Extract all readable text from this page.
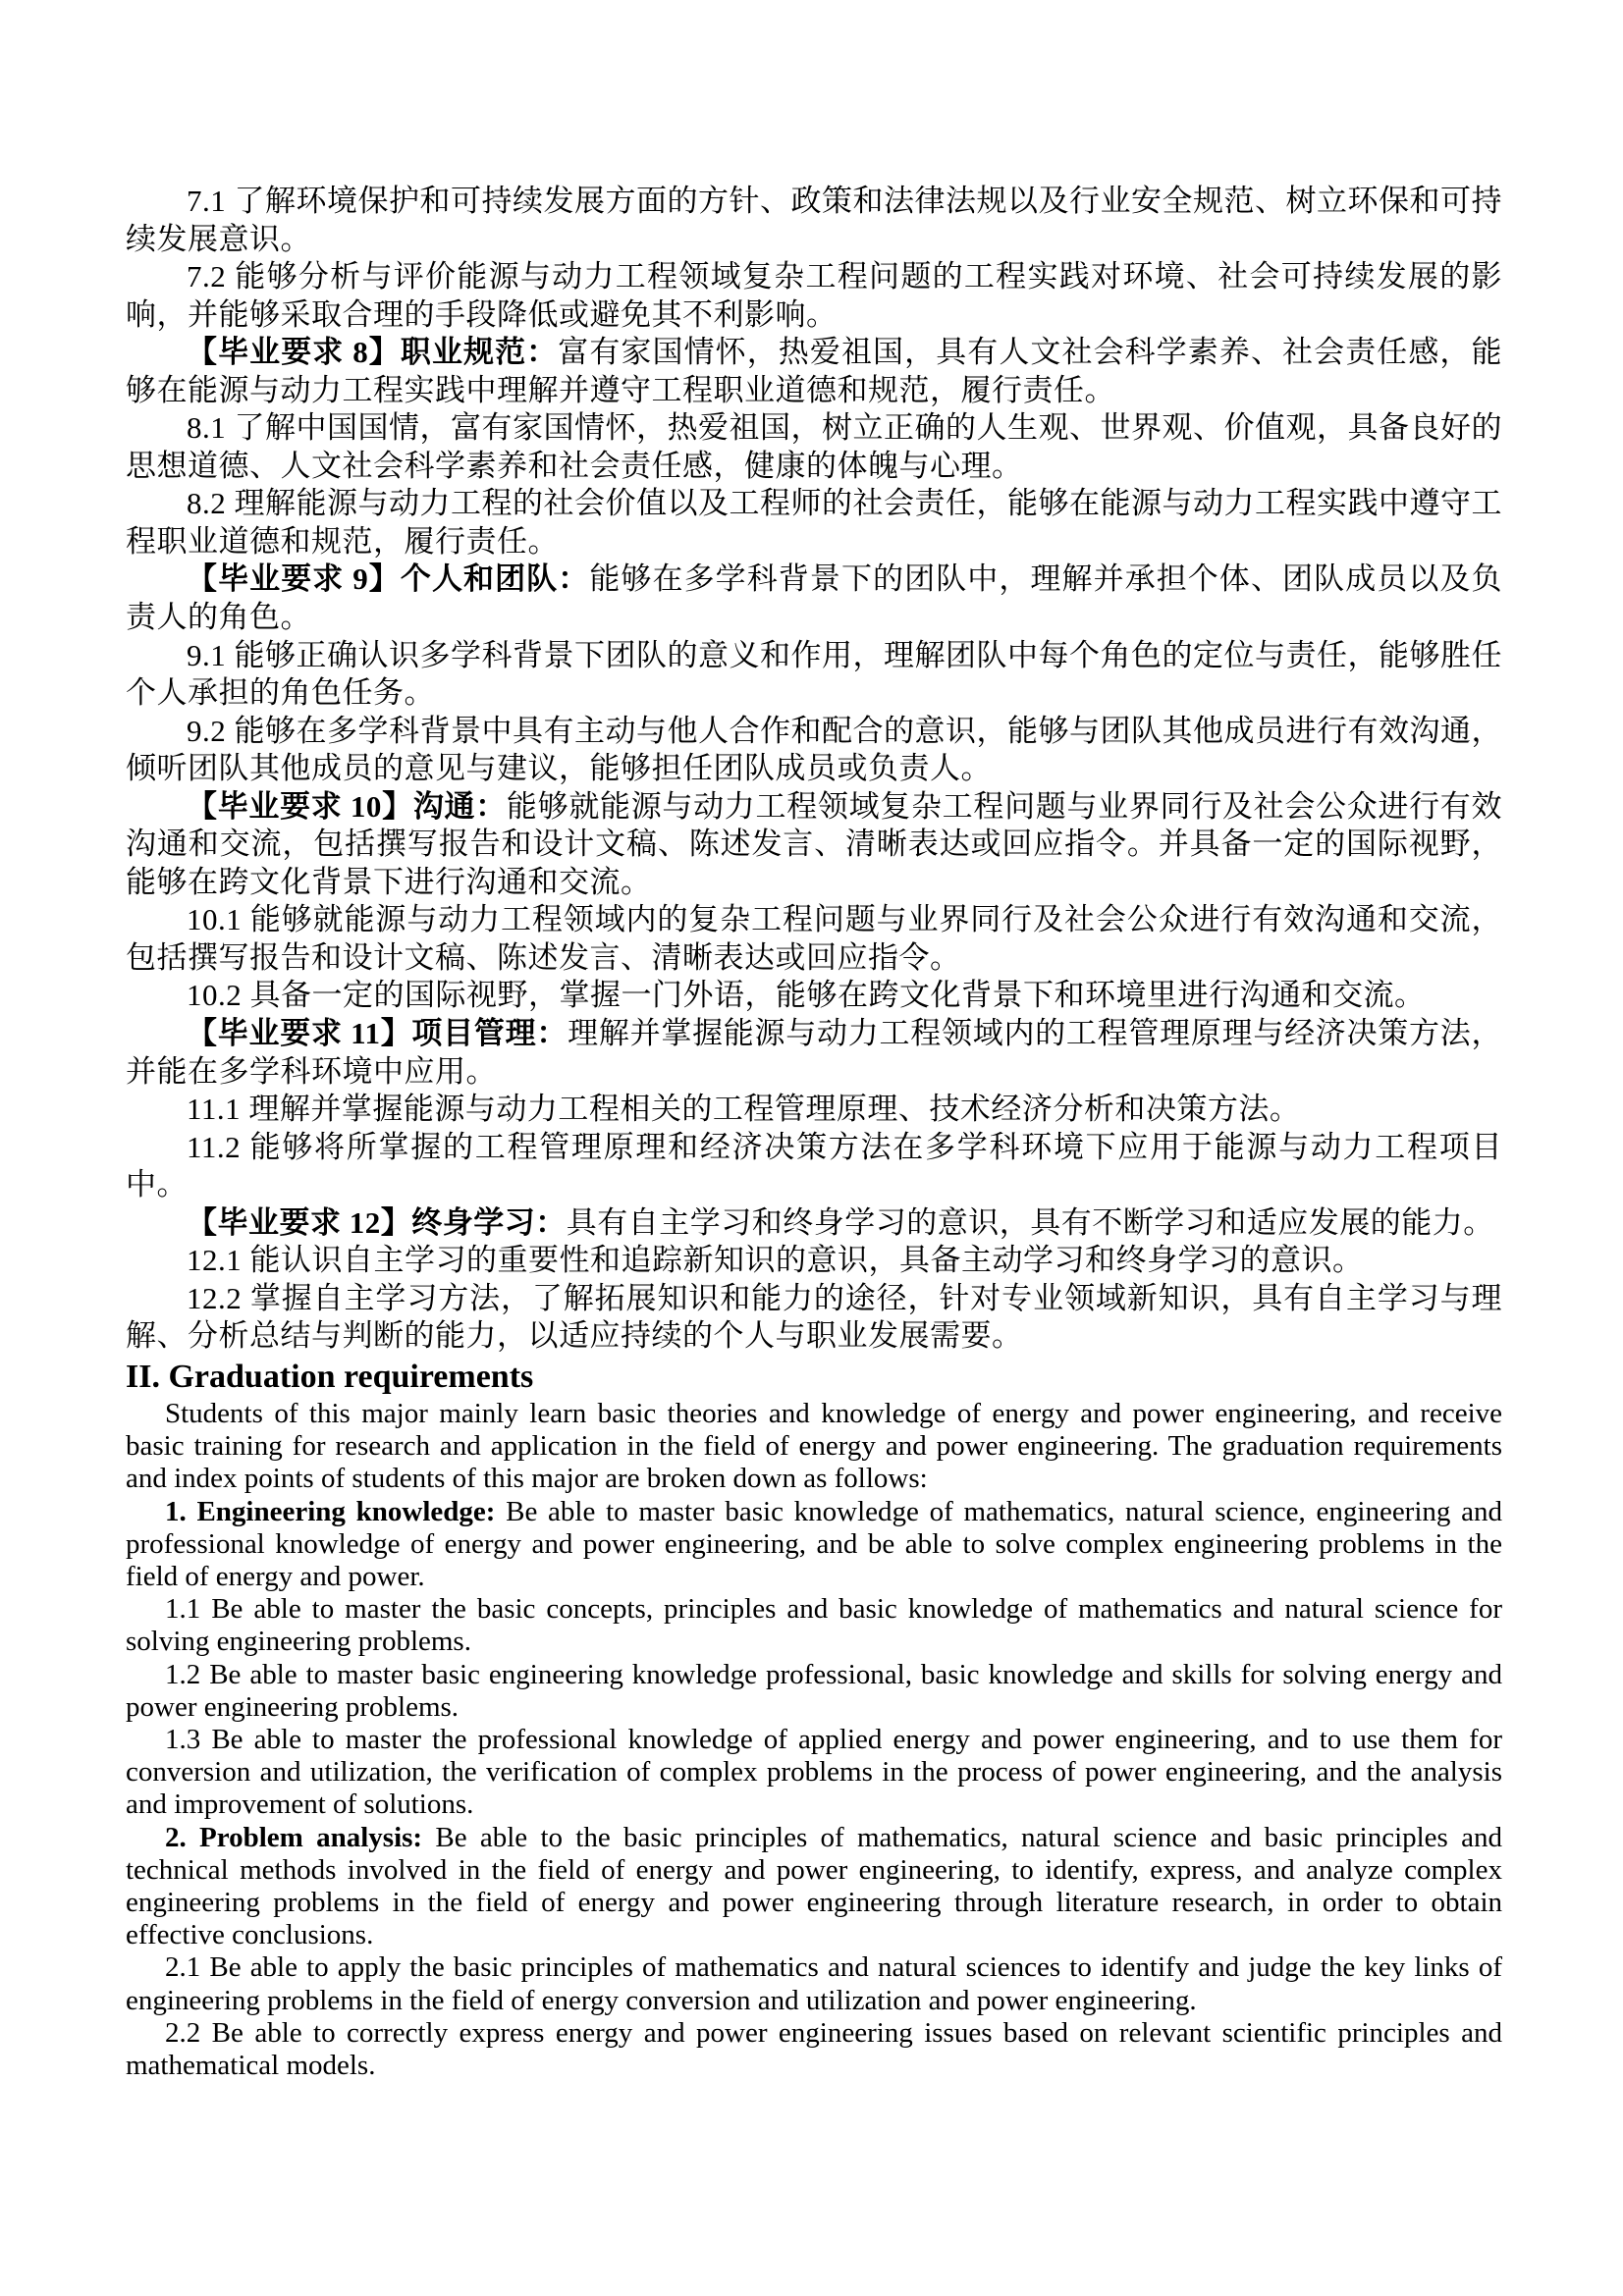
7.1 了解环境保护和可持续发展方面的方针、政策和法律法规以及行业安全规范、树立环保和可持续发展意识。

7.2 能够分析与评价能源与动力工程领域复杂工程问题的工程实践对环境、社会可持续发展的影响，并能够采取合理的手段降低或避免其不利影响。

【毕业要求 8】职业规范：富有家国情怀，热爱祖国，具有人文社会科学素养、社会责任感，能够在能源与动力工程实践中理解并遵守工程职业道德和规范，履行责任。

8.1 了解中国国情，富有家国情怀，热爱祖国，树立正确的人生观、世界观、价值观，具备良好的思想道德、人文社会科学素养和社会责任感，健康的体魄与心理。

8.2 理解能源与动力工程的社会价值以及工程师的社会责任，能够在能源与动力工程实践中遵守工程职业道德和规范，履行责任。

【毕业要求 9】个人和团队：能够在多学科背景下的团队中，理解并承担个体、团队成员以及负责人的角色。

9.1 能够正确认识多学科背景下团队的意义和作用，理解团队中每个角色的定位与责任，能够胜任个人承担的角色任务。

9.2 能够在多学科背景中具有主动与他人合作和配合的意识，能够与团队其他成员进行有效沟通，倾听团队其他成员的意见与建议，能够担任团队成员或负责人。

【毕业要求 10】沟通：能够就能源与动力工程领域复杂工程问题与业界同行及社会公众进行有效沟通和交流，包括撰写报告和设计文稿、陈述发言、清晰表达或回应指令。并具备一定的国际视野，能够在跨文化背景下进行沟通和交流。

10.1 能够就能源与动力工程领域内的复杂工程问题与业界同行及社会公众进行有效沟通和交流，包括撰写报告和设计文稿、陈述发言、清晰表达或回应指令。

10.2 具备一定的国际视野，掌握一门外语，能够在跨文化背景下和环境里进行沟通和交流。

【毕业要求 11】项目管理：理解并掌握能源与动力工程领域内的工程管理原理与经济决策方法，并能在多学科环境中应用。

11.1 理解并掌握能源与动力工程相关的工程管理原理、技术经济分析和决策方法。

11.2 能够将所掌握的工程管理原理和经济决策方法在多学科环境下应用于能源与动力工程项目中。

【毕业要求 12】终身学习：具有自主学习和终身学习的意识，具有不断学习和适应发展的能力。

12.1 能认识自主学习的重要性和追踪新知识的意识，具备主动学习和终身学习的意识。

12.2 掌握自主学习方法，了解拓展知识和能力的途径，针对专业领域新知识，具有自主学习与理解、分析总结与判断的能力，以适应持续的个人与职业发展需要。

II. Graduation requirements

Students of this major mainly learn basic theories and knowledge of energy and power engineering, and receive basic training for research and application in the field of energy and power engineering. The graduation requirements and index points of students of this major are broken down as follows:

1. Engineering knowledge: Be able to master basic knowledge of mathematics, natural science, engineering and professional knowledge of energy and power engineering, and be able to solve complex engineering problems in the field of energy and power.

1.1 Be able to master the basic concepts, principles and basic knowledge of mathematics and natural science for solving engineering problems.

1.2 Be able to master basic engineering knowledge professional, basic knowledge and skills for solving energy and power engineering problems.

1.3 Be able to master the professional knowledge of applied energy and power engineering, and to use them for conversion and utilization, the verification of complex problems in the process of power engineering, and the analysis and improvement of solutions.

2. Problem analysis: Be able to the basic principles of mathematics, natural science and basic principles and technical methods involved in the field of energy and power engineering, to identify, express, and analyze complex engineering problems in the field of energy and power engineering through literature research, in order to obtain effective conclusions.

2.1 Be able to apply the basic principles of mathematics and natural sciences to identify and judge the key links of engineering problems in the field of energy conversion and utilization and power engineering.

2.2 Be able to correctly express energy and power engineering issues based on relevant scientific principles and mathematical models.
